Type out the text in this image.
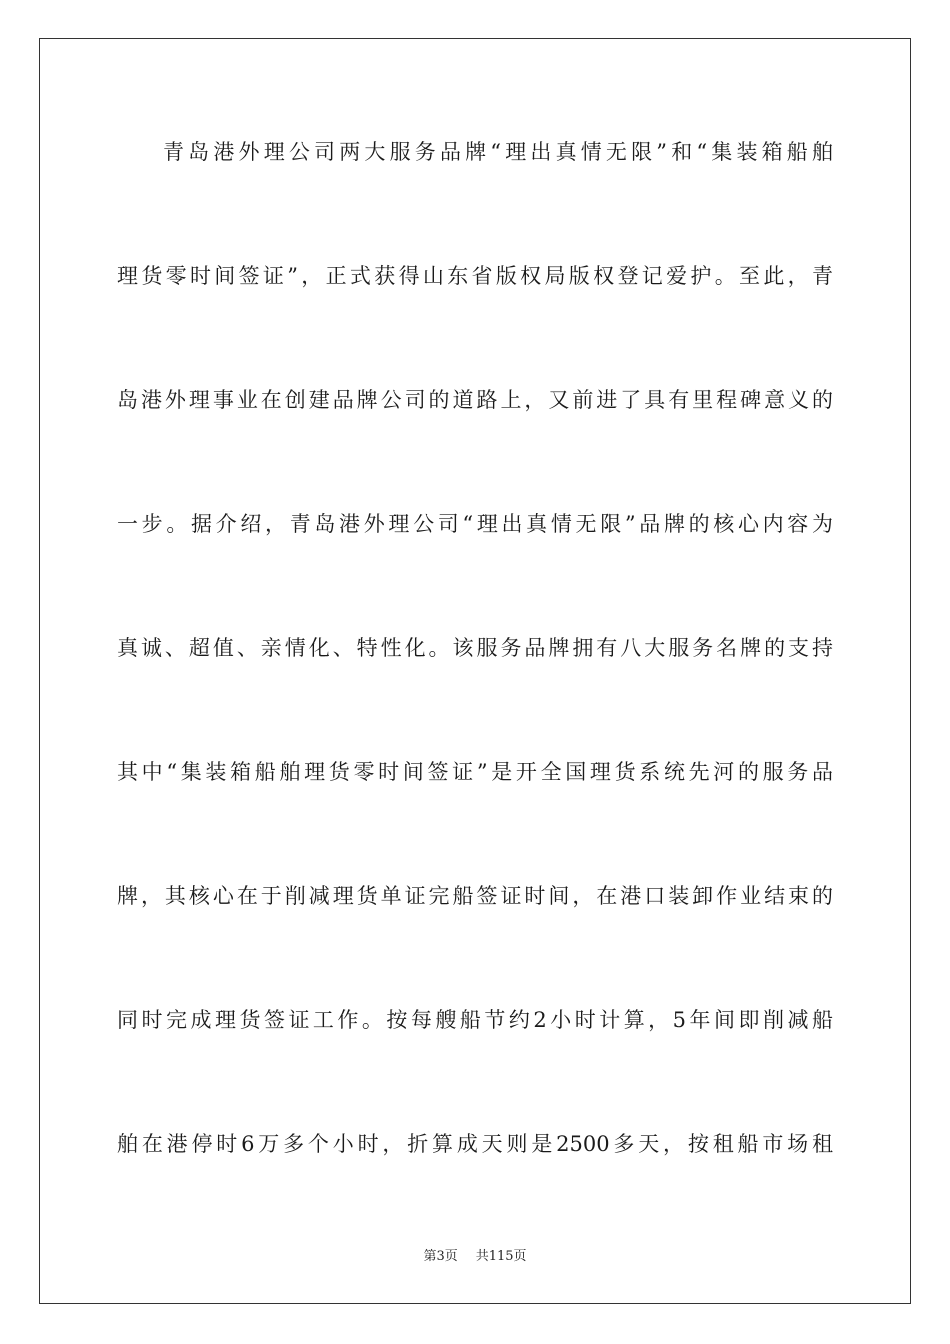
青岛港外理公司两大服务品牌“理出真情无限”和“集装箱船舶
理货零时间签证”，正式获得山东省版权局版权登记爱护。至此，青
岛港外理事业在创建品牌公司的道路上，又前进了具有里程碑意义的
一步。据介绍，青岛港外理公司“理出真情无限”品牌的核心内容为
真诚、超值、亲情化、特性化。该服务品牌拥有八大服务名牌的支持
其中“集装箱船舶理货零时间签证”是开全国理货系统先河的服务品
牌，其核心在于削减理货单证完船签证时间，在港口装卸作业结束的
同时完成理货签证工作。按每艘船节约2小时计算，5年间即削减船
舶在港停时6万多个小时，折算成天则是2500多天，按租船市场租
第3页 共115页
